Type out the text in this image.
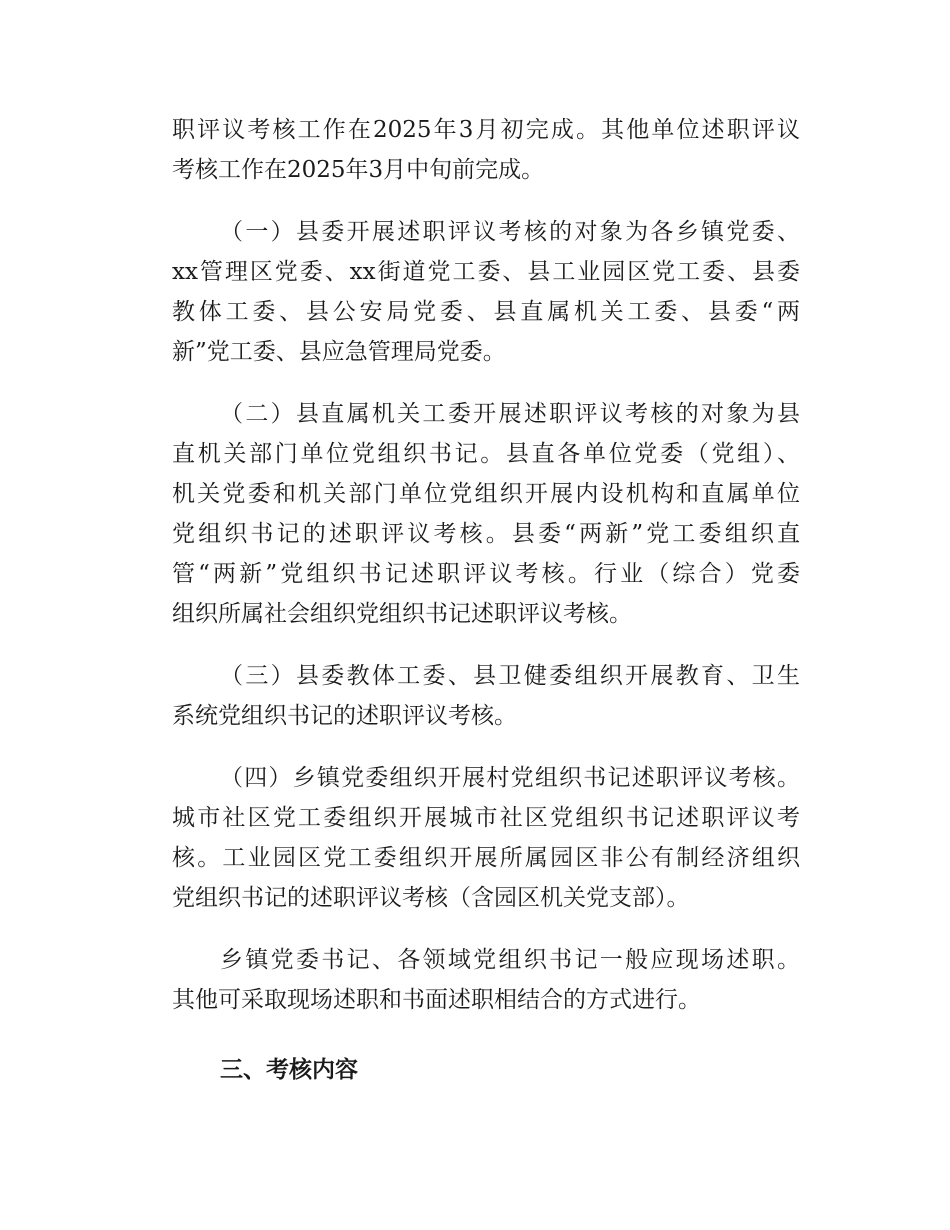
职评议考核工作在2025年3月初完成。其他单位述职评议
考核工作在2025年3月中旬前完成。
（一）县委开展述职评议考核的对象为各乡镇党委、
xx管理区党委、xx街道党工委、县工业园区党工委、县委
教体工委、县公安局党委、县直属机关工委、县委“两
新”党工委、县应急管理局党委。
（二）县直属机关工委开展述职评议考核的对象为县
直机关部门单位党组织书记。县直各单位党委（党组）、
机关党委和机关部门单位党组织开展内设机构和直属单位
党组织书记的述职评议考核。县委“两新”党工委组织直
管“两新”党组织书记述职评议考核。行业（综合）党委
组织所属社会组织党组织书记述职评议考核。
（三）县委教体工委、县卫健委组织开展教育、卫生
系统党组织书记的述职评议考核。
（四）乡镇党委组织开展村党组织书记述职评议考核。
城市社区党工委组织开展城市社区党组织书记述职评议考
核。工业园区党工委组织开展所属园区非公有制经济组织
党组织书记的述职评议考核（含园区机关党支部）。
乡镇党委书记、各领域党组织书记一般应现场述职。
其他可采取现场述职和书面述职相结合的方式进行。
三、考核内容
